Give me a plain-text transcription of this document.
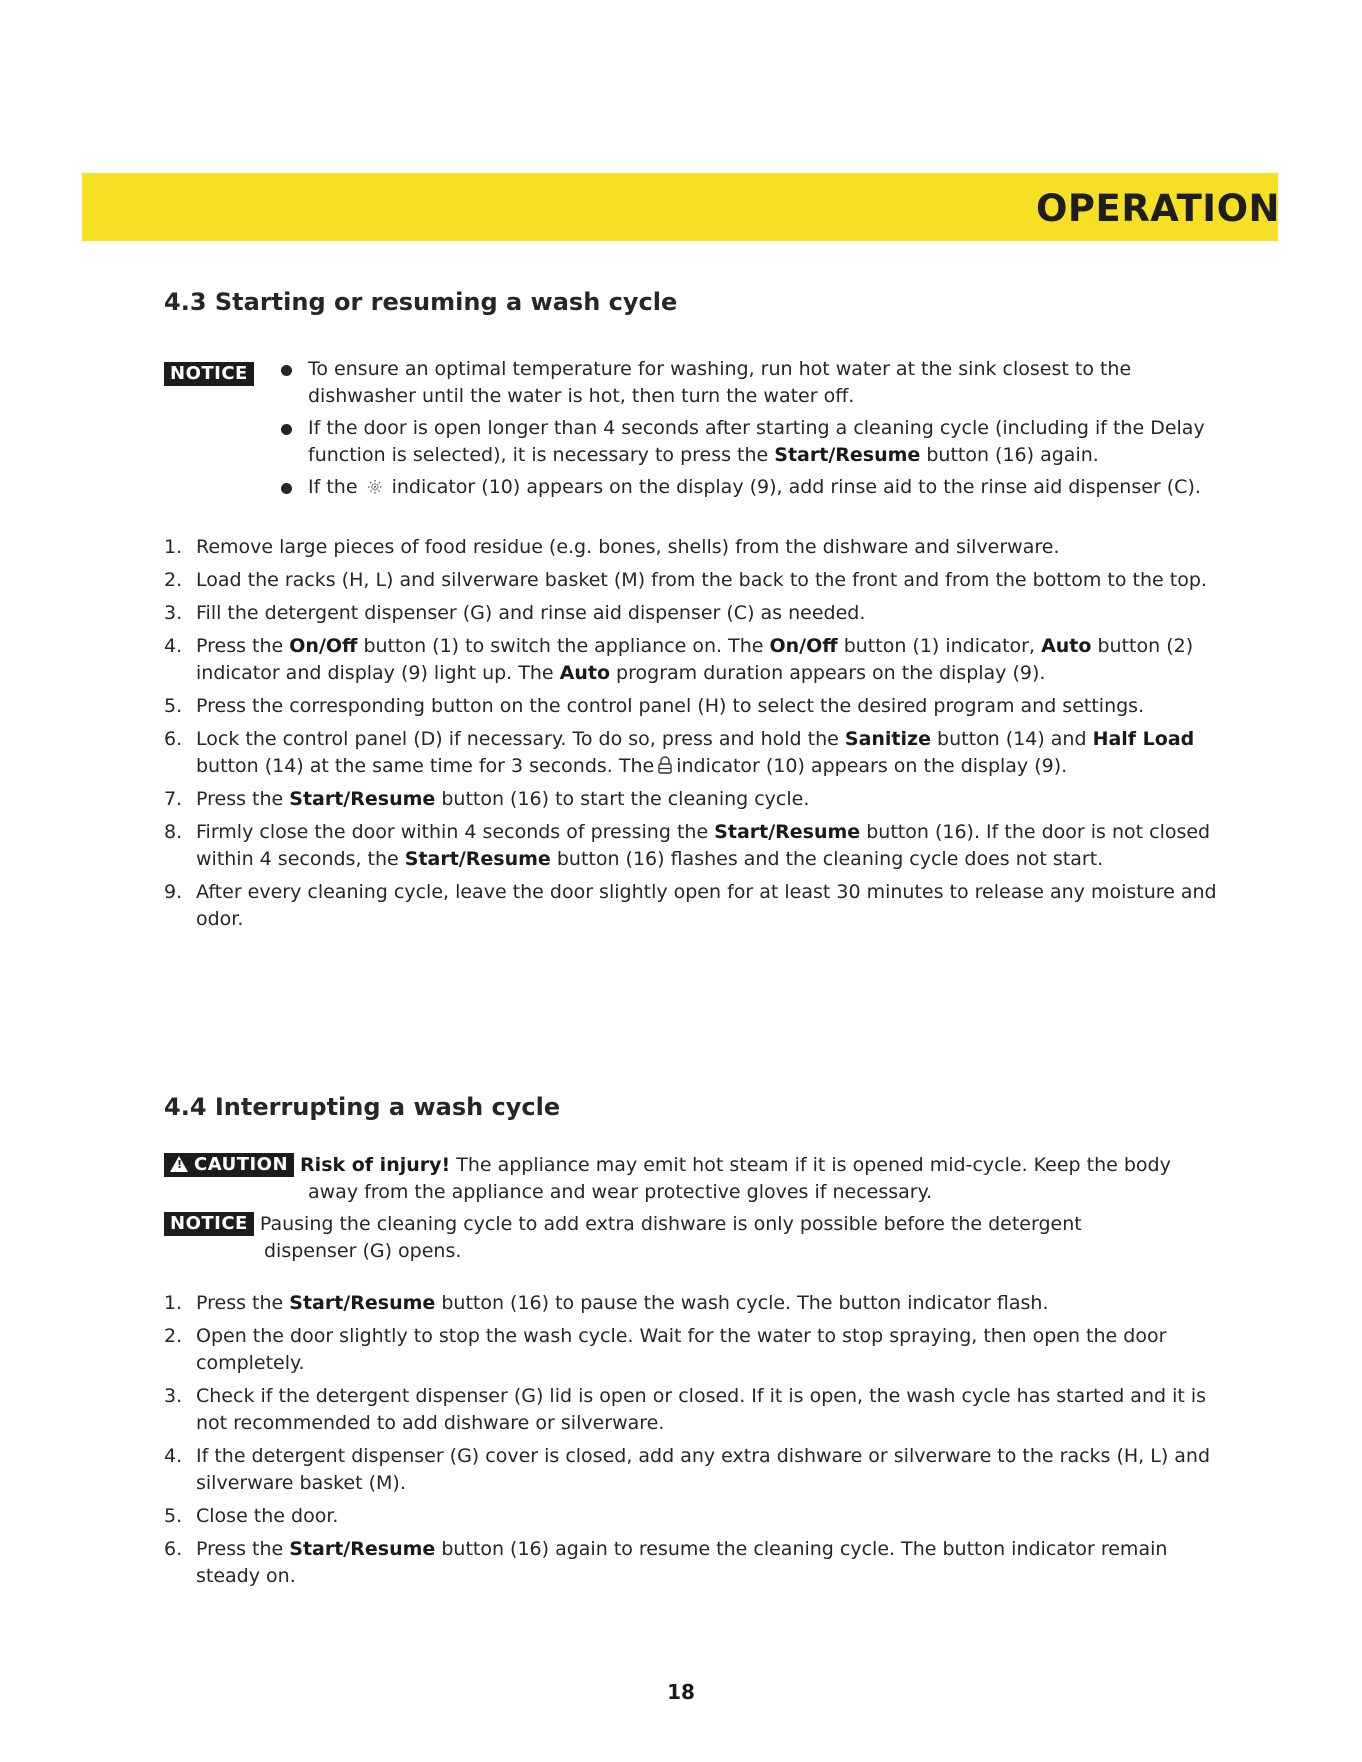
OPERATION
4.3 Starting or resuming a wash cycle
NOTICE	To ensure an optimal temperature for washing, run hot water at the sink closest to the dishwasher until the water is hot, then turn the water off.
If the door is open longer than 4 seconds after starting a cleaning cycle (including if the Delay function is selected), it is necessary to press the Start/Resume button (16) again.
If the indicator (10) appears on the display (9), add rinse aid to the rinse aid dispenser (C).
1. Remove large pieces of food residue (e.g. bones, shells) from the dishware and silverware.
2. Load the racks (H, L) and silverware basket (M) from the back to the front and from the bottom to the top.
3. Fill the detergent dispenser (G) and rinse aid dispenser (C) as needed.
4. Press the On/Off button (1) to switch the appliance on. The On/Off button (1) indicator, Auto button (2) indicator and display (9) light up. The Auto program duration appears on the display (9).
5. Press the corresponding button on the control panel (H) to select the desired program and settings.
6. Lock the control panel (D) if necessary. To do so, press and hold the Sanitize button (14) and Half Load button (14) at the same time for 3 seconds. The indicator (10) appears on the display (9).
7. Press the Start/Resume button (16) to start the cleaning cycle.
8. Firmly close the door within 4 seconds of pressing the Start/Resume button (16). If the door is not closed within 4 seconds, the Start/Resume button (16) flashes and the cleaning cycle does not start.
9. After every cleaning cycle, leave the door slightly open for at least 30 minutes to release any moisture and odor.
4.4 Interrupting a wash cycle
! CAUTION Risk of injury! The appliance may emit hot steam if it is opened mid-cycle. Keep the body
away from the appliance and wear protective gloves if necessary.
NOTICE Pausing the cleaning cycle to add extra dishware is only possible before the detergent
dispenser (G) opens.
1. Press the Start/Resume button (16) to pause the wash cycle. The button indicator flash.
2. Open the door slightly to stop the wash cycle. Wait for the water to stop spraying, then open the door completely.
3. Check if the detergent dispenser (G) lid is open or closed. If it is open, the wash cycle has started and it is not recommended to add dishware or silverware.
4. If the detergent dispenser (G) cover is closed, add any extra dishware or silverware to the racks (H, L) and silverware basket (M).
5. Close the door.
6. Press the Start/Resume button (16) again to resume the cleaning cycle. The button indicator remain steady on.
18
